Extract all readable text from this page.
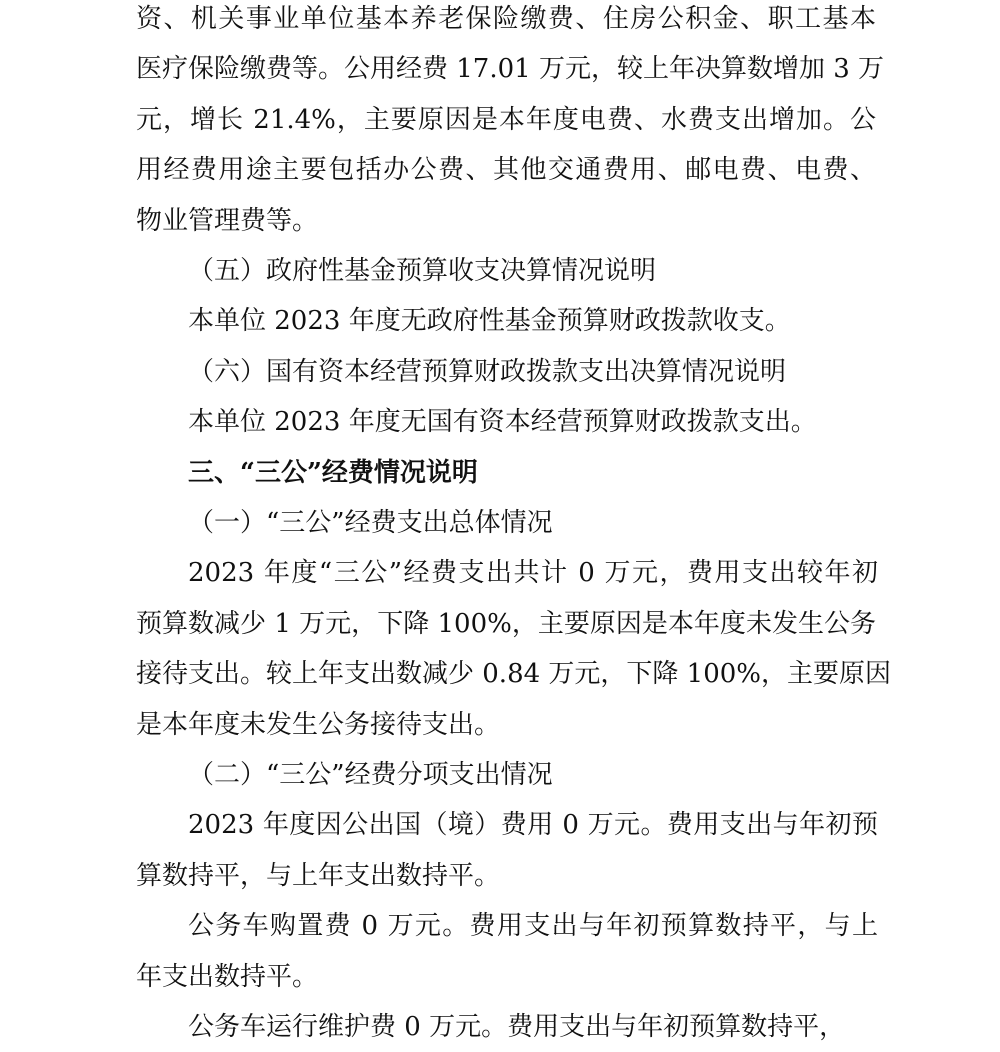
资、机关事业单位基本养老保险缴费、住房公积金、职工基本
医疗保险缴费等。公用经费 17.01 万元，较上年决算数增加 3 万
元，增长 21.4%，主要原因是本年度电费、水费支出增加。公
用经费用途主要包括办公费、其他交通费用、邮电费、电费、
物业管理费等。
（五）政府性基金预算收支决算情况说明
本单位 2023 年度无政府性基金预算财政拨款收支。
（六）国有资本经营预算财政拨款支出决算情况说明
本单位 2023 年度无国有资本经营预算财政拨款支出。
三、“三公”经费情况说明
（一）“三公”经费支出总体情况
2023 年度“三公”经费支出共计 0 万元，费用支出较年初
预算数减少 1 万元，下降 100%，主要原因是本年度未发生公务
接待支出。较上年支出数减少 0.84 万元，下降 100%，主要原因
是本年度未发生公务接待支出。
（二）“三公”经费分项支出情况
2023 年度因公出国（境）费用 0 万元。费用支出与年初预
算数持平，与上年支出数持平。
公务车购置费 0 万元。费用支出与年初预算数持平，与上
年支出数持平。
公务车运行维护费 0 万元。费用支出与年初预算数持平，
